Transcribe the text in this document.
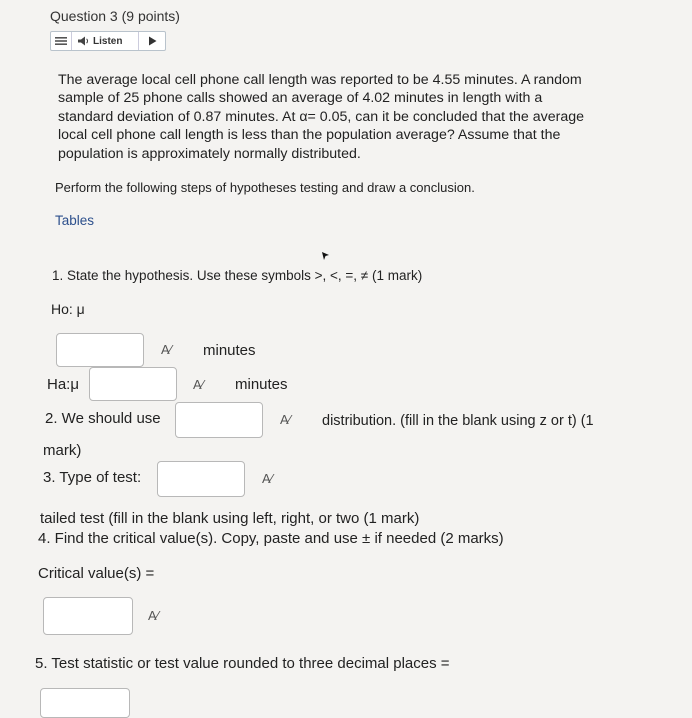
Question 3 (9 points)
Listen
The average local cell phone call length was reported to be 4.55 minutes. A random
sample of 25 phone calls showed an average of 4.02 minutes in length with a
standard deviation of 0.87 minutes. At α= 0.05, can it be concluded that the average
local cell phone call length is less than the population average? Assume that the
population is approximately normally distributed.
Perform the following steps of hypotheses testing and draw a conclusion.
Tables
1. State the hypothesis. Use these symbols >, <, =, ≠ (1 mark)
Ho: μ
A∕ minutes
Ha:μ	A∕ minutes
2. We should use	A∕ distribution. (fill in the blank using z or t) (1
mark)
3. Type of test:	A∕
tailed test (fill in the blank using left, right, or two (1 mark)
4. Find the critical value(s). Copy, paste and use ± if needed (2 marks)
Critical value(s) =
A∕
5. Test statistic or test value rounded to three decimal places =
